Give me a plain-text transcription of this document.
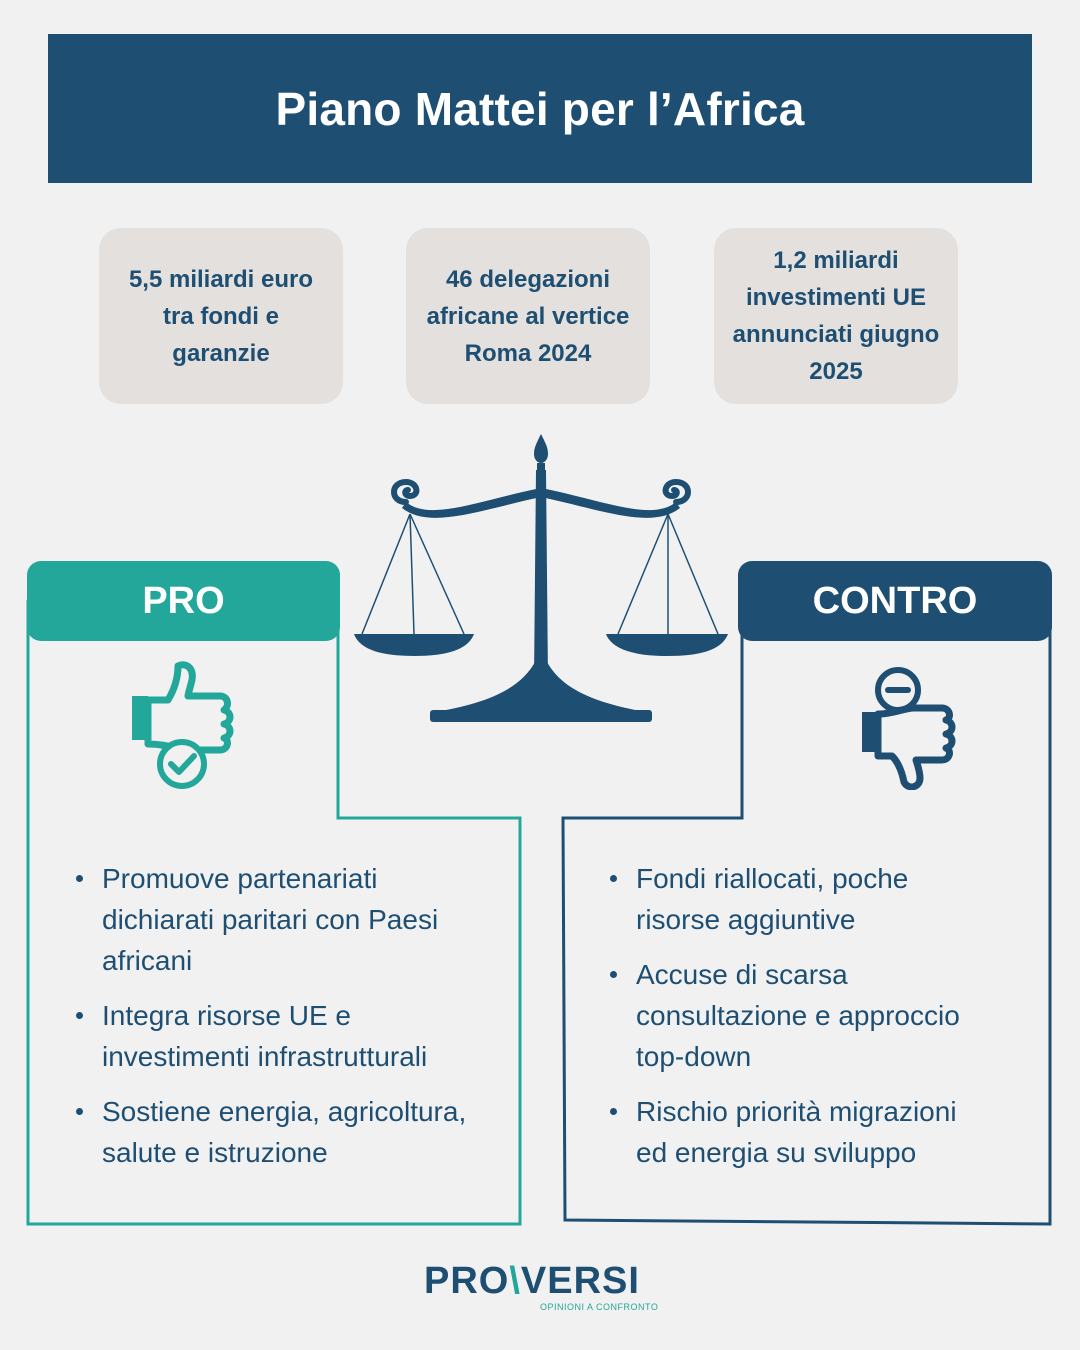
Piano Mattei per l’Africa
5,5 miliardi euro
tra fondi e
garanzie
46 delegazioni
africane al vertice
Roma 2024
1,2 miliardi
investimenti UE
annunciati giugno
2025
PRO	CONTRO
Promuove partenariati
dichiarati paritari con Paesi
africani
Integra risorse UE e
investimenti infrastrutturali
Sostiene energia, agricoltura,
salute e istruzione
Fondi riallocati, poche
risorse aggiuntive
Accuse di scarsa
consultazione e approccio
top-down
Rischio priorità migrazioni
ed energia su sviluppo
PRO\VERSI
OPINIONI A CONFRONTO
